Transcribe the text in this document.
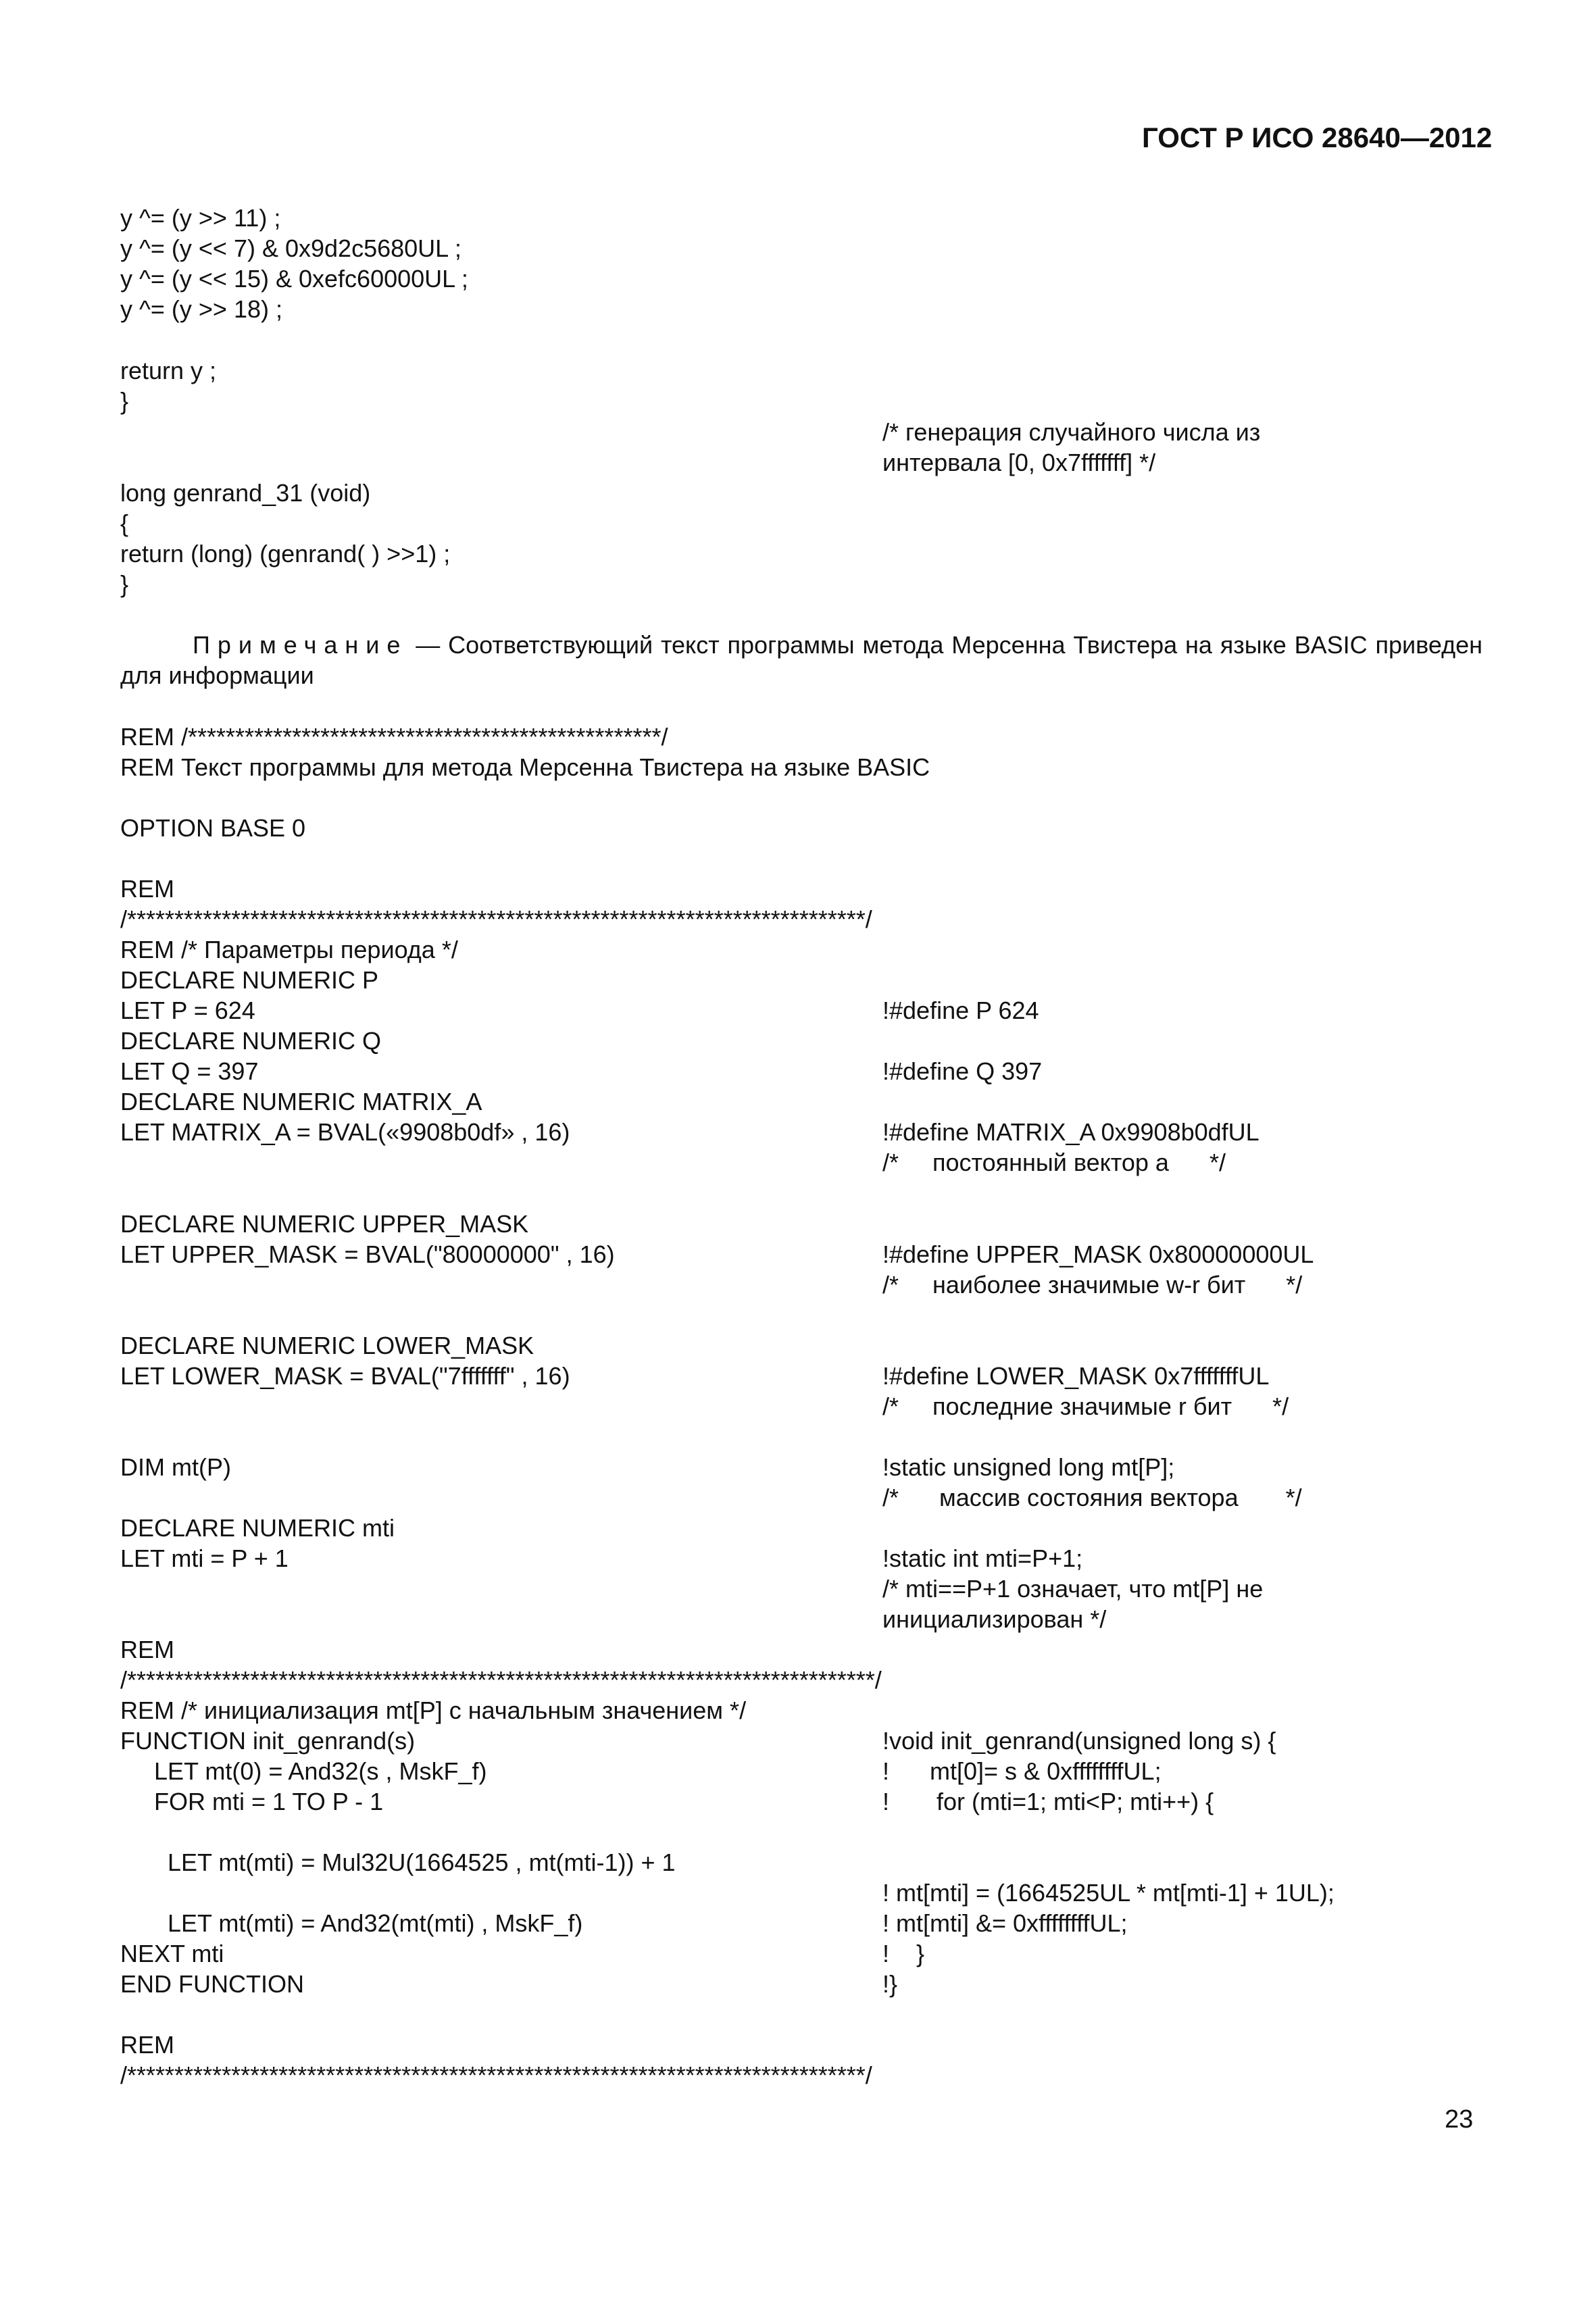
ГОСТ Р ИСО 28640—2012
y ^= (y >> 11) ;
y ^= (y << 7) & 0x9d2c5680UL ;
y ^= (y << 15) & 0xefc60000UL ;
y ^= (y >> 18) ;
return y ;
}
/* генерация случайного числа из
интервала [0, 0x7fffffff] */
long genrand_31 (void)
{
return (long) (genrand( ) >>1) ;
}
Примечание — Соответствующий текст программы метода Мерсенна Твистера на языке BASIC приведен для информации
REM /**************************************************/
REM Текст программы для метода Мерсенна Твистера на языке BASIC
OPTION BASE 0
REM
/******************************************************************************/
REM /* Параметры периода */
DECLARE NUMERIC P
LET P = 624
DECLARE NUMERIC Q
LET Q = 397
DECLARE NUMERIC MATRIX_A
LET MATRIX_A = BVAL(«9908b0df» , 16)
DECLARE NUMERIC UPPER_MASK
LET UPPER_MASK = BVAL("80000000" , 16)
DECLARE NUMERIC LOWER_MASK
LET LOWER_MASK = BVAL("7fffffff" , 16)
DIM mt(P)
DECLARE NUMERIC mti
LET mti = P + 1
REM
/*******************************************************************************/
REM /* инициализация mt[P] с начальным значением */
FUNCTION init_genrand(s)
LET mt(0) = And32(s , MskF_f)
FOR mti = 1 TO P - 1
LET mt(mti) = Mul32U(1664525 , mt(mti-1)) + 1
LET mt(mti) = And32(mt(mti) , MskF_f)
NEXT mti
END FUNCTION
REM
/******************************************************************************/
!#define P 624
!#define Q 397
!#define MATRIX_A 0x9908b0dfUL
/*     постоянный вектор а      */
!#define UPPER_MASK 0x80000000UL
/*     наиболее значимые w-r бит      */
!#define LOWER_MASK 0x7fffffffUL
/*     последние значимые r бит      */
!static unsigned long mt[P];
/*      массив состояния вектора       */
!static int mti=P+1;
/* mti==P+1 означает, что mt[P] не
инициализирован */
!void init_genrand(unsigned long s) {
!      mt[0]= s & 0xffffffffUL;
!       for (mti=1; mti<P; mti++) {
! mt[mti] = (1664525UL * mt[mti-1] + 1UL);
! mt[mti] &= 0xffffffffUL;
!    }
!}
23
